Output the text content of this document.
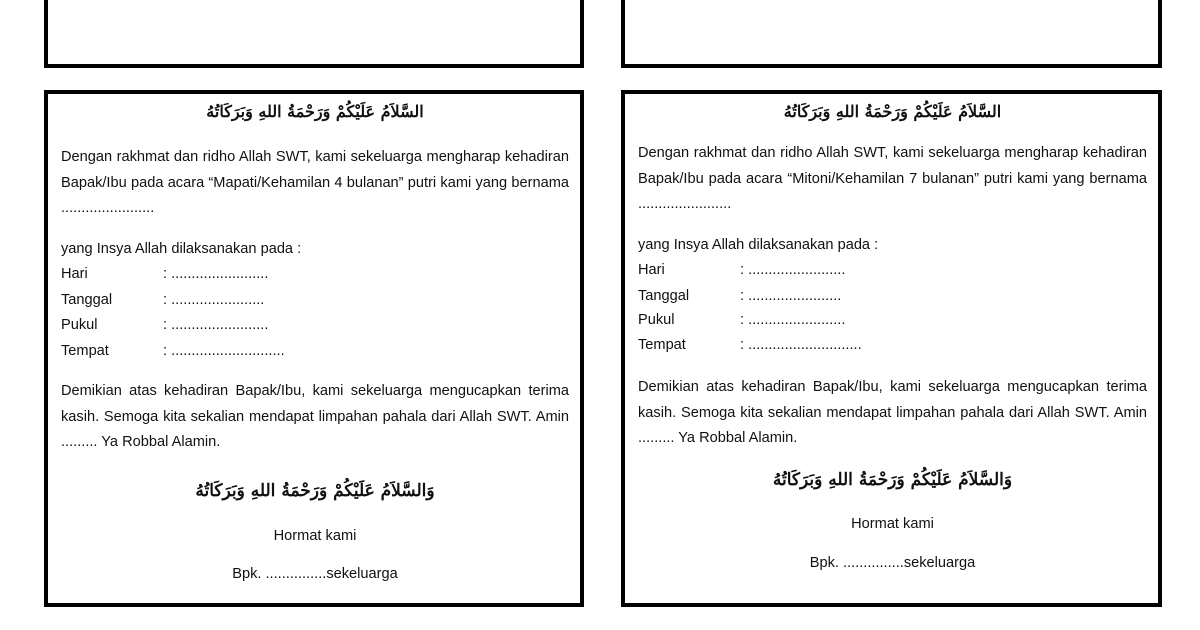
السَّلاَمُ عَلَيْكُمْ وَرَحْمَةُ اللهِ وَبَرَكَاتُهُ
Dengan rakhmat dan ridho Allah SWT, kami sekeluarga mengharap kehadiran Bapak/Ibu pada acara “Mapati/Kehamilan 4 bulanan” putri kami yang bernama .......................
yang Insya Allah dilaksanakan pada :
Hari	: ........................
Tanggal	: .......................
Pukul	: ........................
Tempat	: ............................
Demikian atas kehadiran Bapak/Ibu, kami sekeluarga mengucapkan terima kasih. Semoga kita sekalian mendapat limpahan pahala dari Allah SWT. Amin ......... Ya Robbal Alamin.
وَالسَّلاَمُ عَلَيْكُمْ وَرَحْمَةُ اللهِ وَبَرَكَاتُهُ
Hormat kami
Bpk. ...............sekeluarga
السَّلاَمُ عَلَيْكُمْ وَرَحْمَةُ اللهِ وَبَرَكَاتُهُ
Dengan rakhmat dan ridho Allah SWT, kami sekeluarga mengharap kehadiran Bapak/Ibu pada acara “Mitoni/Kehamilan 7 bulanan” putri kami yang bernama .......................
yang Insya Allah dilaksanakan pada :
Hari	: ........................
Tanggal	: .......................
Pukul	: ........................
Tempat	: ............................
Demikian atas kehadiran Bapak/Ibu, kami sekeluarga mengucapkan terima kasih. Semoga kita sekalian mendapat limpahan pahala dari Allah SWT. Amin ......... Ya Robbal Alamin.
وَالسَّلاَمُ عَلَيْكُمْ وَرَحْمَةُ اللهِ وَبَرَكَاتُهُ
Hormat kami
Bpk. ...............sekeluarga
